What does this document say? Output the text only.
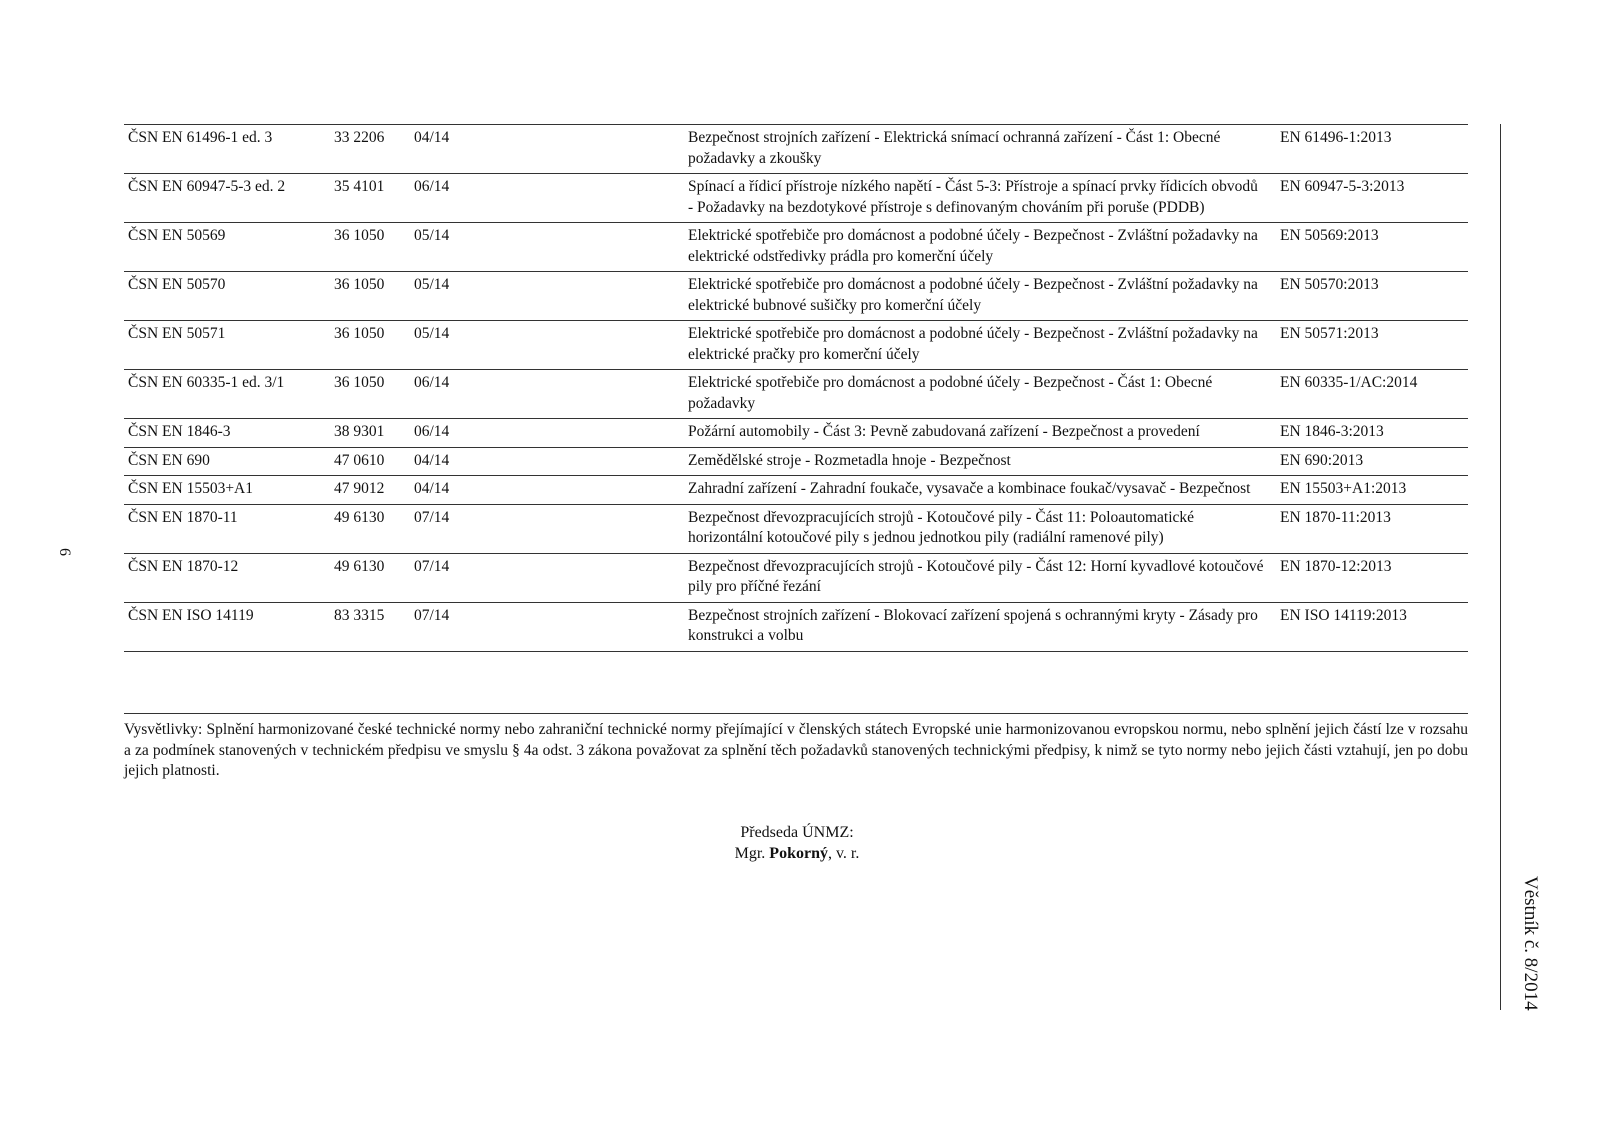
6
ČSN EN 61496-1 ed. 3	33 2206	04/14	Bezpečnost strojních zařízení - Elektrická snímací ochranná zařízení - Část 1: Obecné požadavky a zkoušky	EN 61496-1:2013
ČSN EN 60947-5-3 ed. 2	35 4101	06/14	Spínací a řídicí přístroje nízkého napětí - Část 5-3: Přístroje a spínací prvky řídicích obvodů - Požadavky na bezdotykové přístroje s definovaným chováním při poruše (PDDB)	EN 60947-5-3:2013
ČSN EN 50569	36 1050	05/14	Elektrické spotřebiče pro domácnost a podobné účely - Bezpečnost - Zvláštní požadavky na elektrické odstředivky prádla pro komerční účely	EN 50569:2013
ČSN EN 50570	36 1050	05/14	Elektrické spotřebiče pro domácnost a podobné účely - Bezpečnost - Zvláštní požadavky na elektrické bubnové sušičky pro komerční účely	EN 50570:2013
ČSN EN 50571	36 1050	05/14	Elektrické spotřebiče pro domácnost a podobné účely - Bezpečnost - Zvláštní požadavky na elektrické pračky pro komerční účely	EN 50571:2013
ČSN EN 60335-1 ed. 3/1	36 1050	06/14	Elektrické spotřebiče pro domácnost a podobné účely - Bezpečnost - Část 1: Obecné požadavky	EN 60335-1/AC:2014
ČSN EN 1846-3	38 9301	06/14	Požární automobily - Část 3: Pevně zabudovaná zařízení - Bezpečnost a provedení	EN 1846-3:2013
ČSN EN 690	47 0610	04/14	Zemědělské stroje - Rozmetadla hnoje - Bezpečnost	EN 690:2013
ČSN EN 15503+A1	47 9012	04/14	Zahradní zařízení - Zahradní foukače, vysavače a kombinace foukač/vysavač - Bezpečnost	EN 15503+A1:2013
ČSN EN 1870-11	49 6130	07/14	Bezpečnost dřevozpracujících strojů - Kotoučové pily - Část 11: Poloautomatické horizontální kotoučové pily s jednou jednotkou pily (radiální ramenové pily)	EN 1870-11:2013
ČSN EN 1870-12	49 6130	07/14	Bezpečnost dřevozpracujících strojů - Kotoučové pily - Část 12: Horní kyvadlové kotoučové pily pro příčné řezání	EN 1870-12:2013
ČSN EN ISO 14119	83 3315	07/14	Bezpečnost strojních zařízení - Blokovací zařízení spojená s ochrannými kryty - Zásady pro konstrukci a volbu	EN ISO 14119:2013
Vysvětlivky: Splnění harmonizované české technické normy nebo zahraniční technické normy přejímající v členských státech Evropské unie harmonizovanou evropskou normu, nebo splnění jejich částí lze v rozsahu a za podmínek stanovených v technickém předpisu ve smyslu § 4a odst. 3 zákona považovat za splnění těch požadavků stanovených technickými předpisy, k nimž se tyto normy nebo jejich části vztahují, jen po dobu jejich platnosti.
Předseda ÚNMZ:
Mgr. Pokorný, v. r.
Věstník č. 8/2014
